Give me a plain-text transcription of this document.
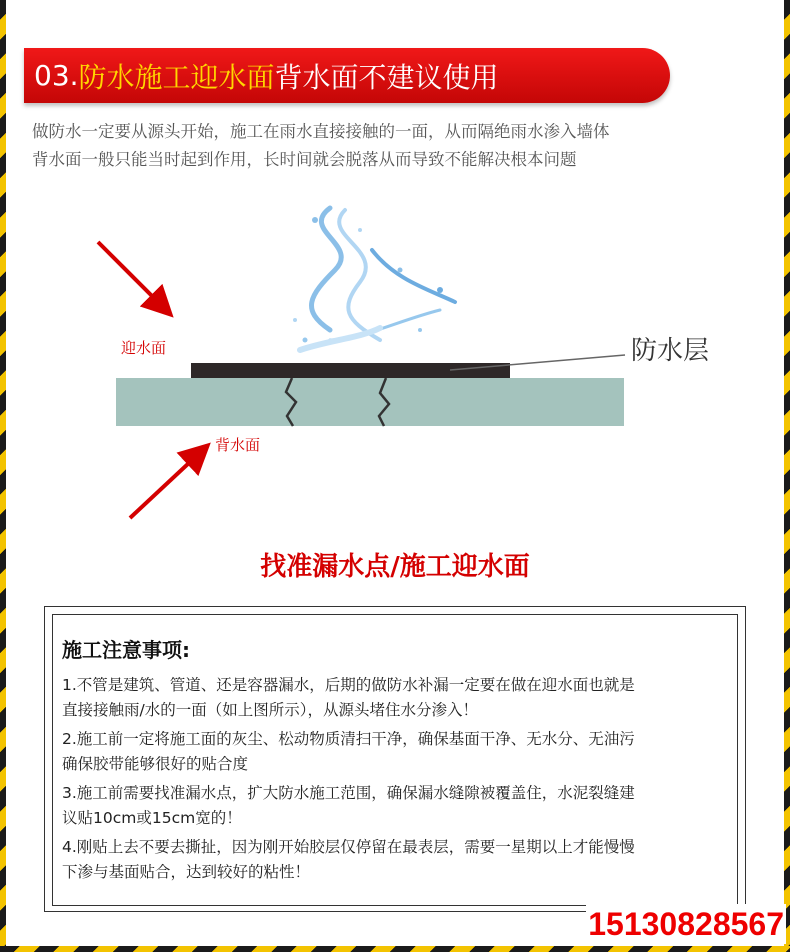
03. 防水施工迎水面 背水面不建议使用
做防水一定要从源头开始，施工在雨水直接接触的一面，从而隔绝雨水渗入墙体
背水面一般只能当时起到作用，长时间就会脱落从而导致不能解决根本问题
迎水面
背水面
防水层
找准漏水点/施工迎水面
施工注意事项:
1.不管是建筑、管道、还是容器漏水，后期的做防水补漏一定要在做在迎水面也就是
直接接触雨/水的一面（如上图所示），从源头堵住水分渗入！
2.施工前一定将施工面的灰尘、松动物质清扫干净，确保基面干净、无水分、无油污
确保胶带能够很好的贴合度
3.施工前需要找准漏水点，扩大防水施工范围，确保漏水缝隙被覆盖住，水泥裂缝建
议贴10cm或15cm宽的！
4.刚贴上去不要去撕扯，因为刚开始胶层仅停留在最表层，需要一星期以上才能慢慢
下渗与基面贴合，达到较好的粘性！
15130828567
